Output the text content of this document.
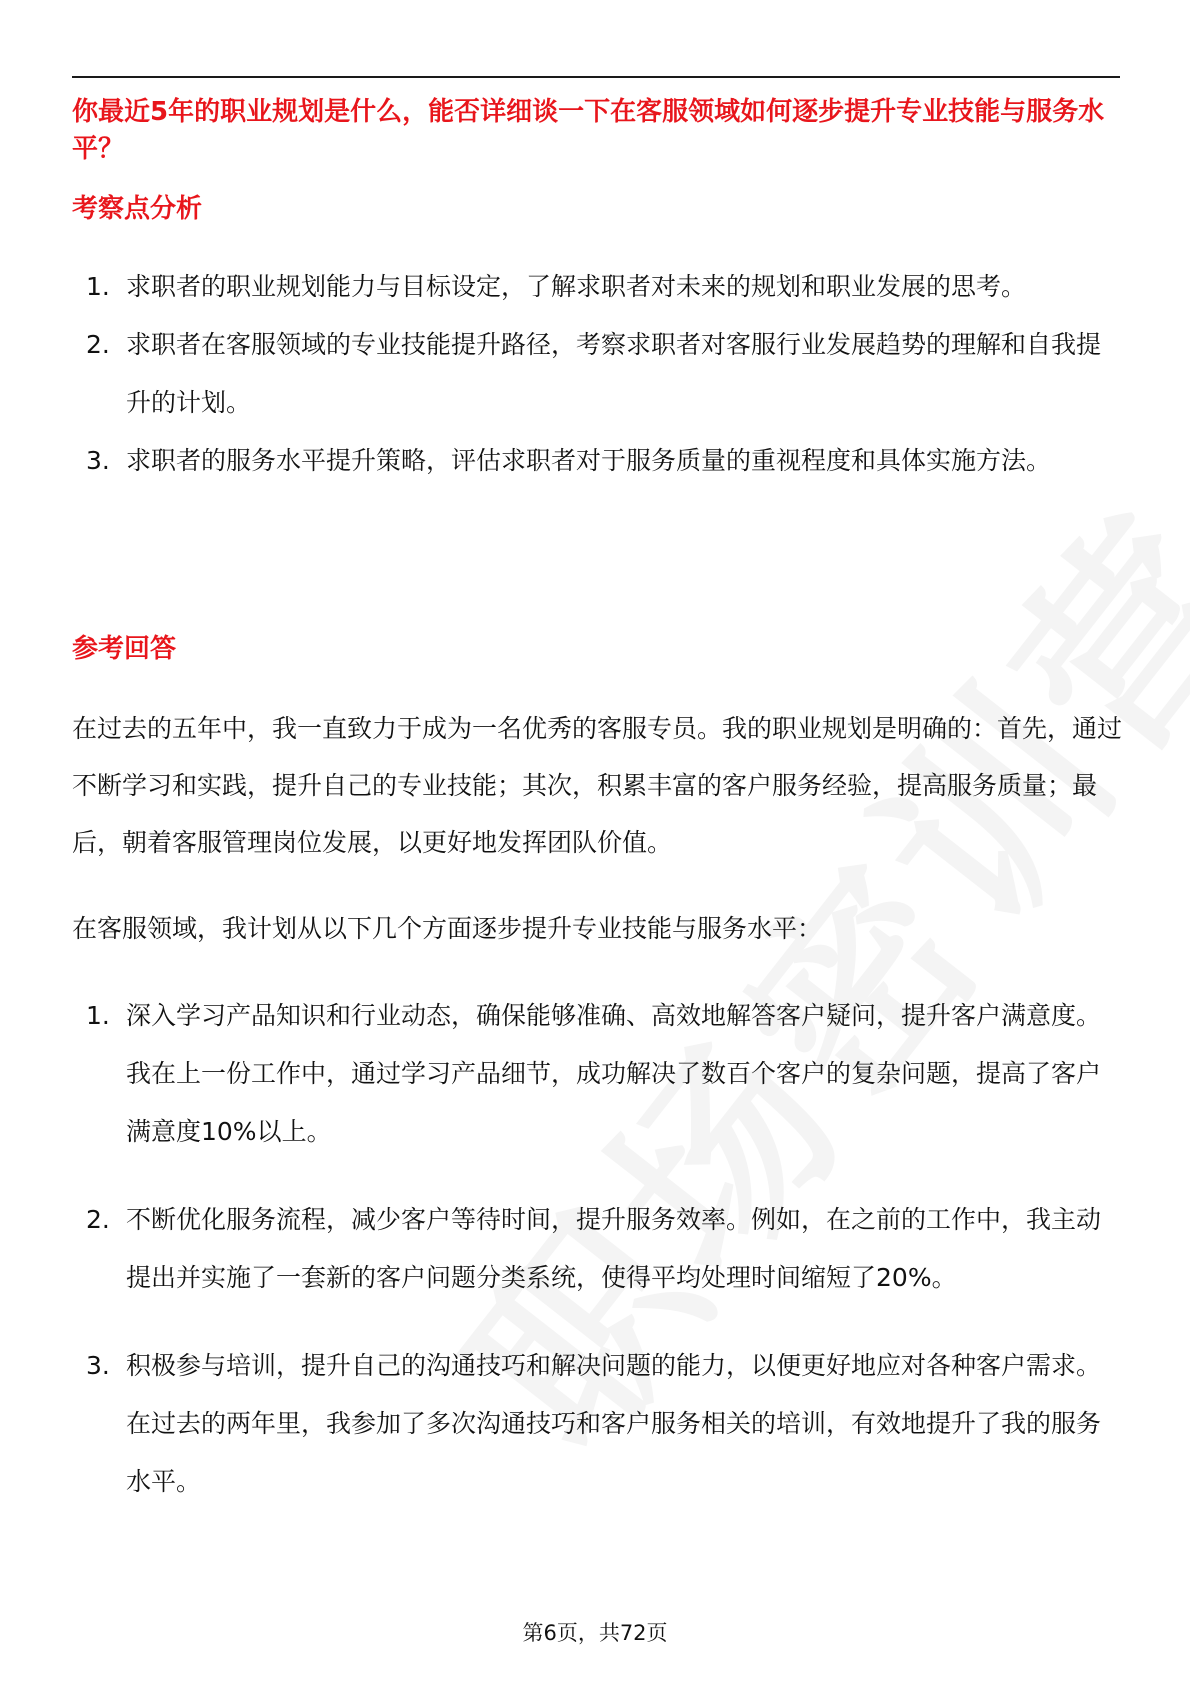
你最近5年的职业规划是什么，能否详细谈一下在客服领域如何逐步提升专业技能与服务水平？

考察点分析
1. 求职者的职业规划能力与目标设定，了解求职者对未来的规划和职业发展的思考。
2. 求职者在客服领域的专业技能提升路径，考察求职者对客服行业发展趋势的理解和自我提升的计划。
3. 求职者的服务水平提升策略，评估求职者对于服务质量的重视程度和具体实施方法。
参考回答

在过去的五年中，我一直致力于成为一名优秀的客服专员。我的职业规划是明确的：首先，通过不断学习和实践，提升自己的专业技能；其次，积累丰富的客户服务经验，提高服务质量；最后，朝着客服管理岗位发展，以更好地发挥团队价值。

在客服领域，我计划从以下几个方面逐步提升专业技能与服务水平：

1. 深入学习产品知识和行业动态，确保能够准确、高效地解答客户疑问，提升客户满意度。我在上一份工作中，通过学习产品细节，成功解决了数百个客户的复杂问题，提高了客户满意度10%以上。
2. 不断优化服务流程，减少客户等待时间，提升服务效率。例如，在之前的工作中，我主动提出并实施了一套新的客户问题分类系统，使得平均处理时间缩短了20%。
3. 积极参与培训，提升自己的沟通技巧和解决问题的能力，以便更好地应对各种客户需求。在过去的两年里，我参加了多次沟通技巧和客户服务相关的培训，有效地提升了我的服务水平。
第6页，共72页
